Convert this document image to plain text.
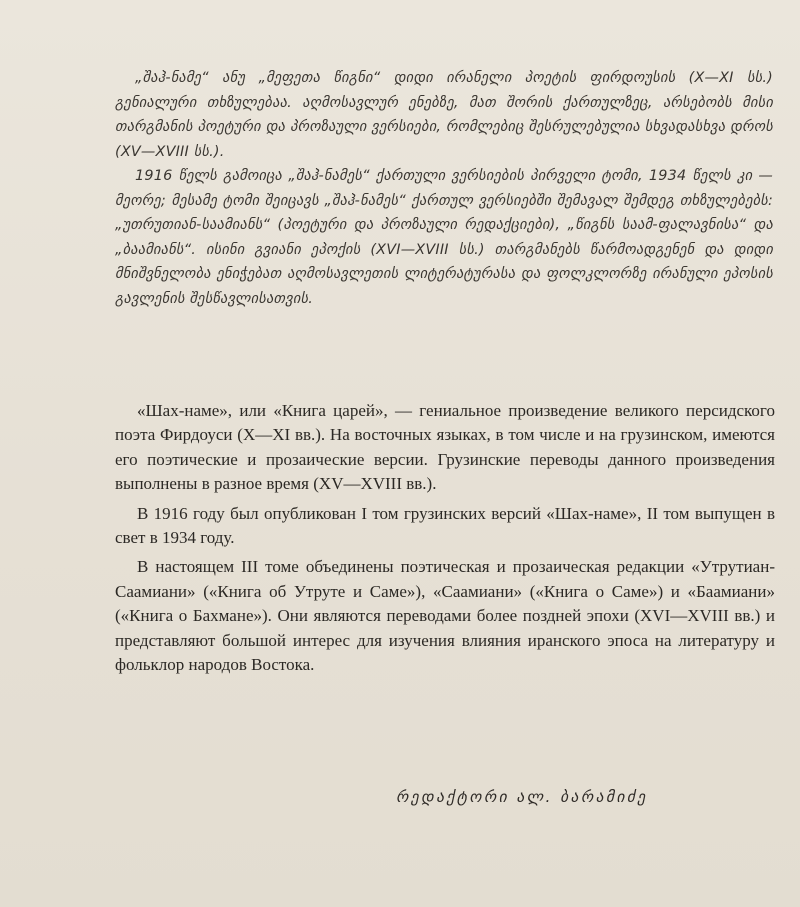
„შაჰ-ნამე“ ანუ „მეფეთა წიგნი“ დიდი ირანელი პოეტის ფირდოუსის (X—XI სს.) გენიალური თხზულებაა. აღმოსავლურ ენებზე, მათ შორის ქართულზეც, არსებობს მისი თარგმანის პოეტური და პროზაული ვერსიები, რომლებიც შესრულებულია სხვადასხვა დროს (XV—XVIII სს.).

1916 წელს გამოიცა „შაჰ-ნამეს“ ქართული ვერსიების პირველი ტომი, 1934 წელს კი — მეორე; მესამე ტომი შეიცავს „შაჰ-ნამეს“ ქართულ ვერსიებში შემავალ შემდეგ თხზულებებს: „უთრუთიან-საამიანს“ (პოეტური და პროზაული რედაქციები), „წიგნს საამ-ფალავნისა“ და „ბაამიანს“. ისინი გვიანი ეპოქის (XVI—XVIII სს.) თარგმანებს წარმოადგენენ და დიდი მნიშვნელობა ენიჭებათ აღმოსავლეთის ლიტერატურასა და ფოლკლორზე ირანული ეპოსის გავლენის შესწავლისათვის.

«Шах-наме», или «Книга царей», — гениальное произведение великого персидского поэта Фирдоуси (X—XI вв.). На восточных языках, в том числе и на грузинском, имеются его поэтические и прозаические версии. Грузинские переводы данного произведения выполнены в разное время (XV—XVIII вв.).

В 1916 году был опубликован I том грузинских версий «Шах-наме», II том выпущен в свет в 1934 году.

В настоящем III томе объединены поэтическая и прозаическая редакции «Утрутиан-Саамиани» («Книга об Утруте и Саме»), «Саамиани» («Книга о Саме») и «Баамиани» («Книга о Бахмане»). Они являются переводами более поздней эпохи (XVI—XVIII вв.) и представляют большой интерес для изучения влияния иранского эпоса на литературу и фольклор народов Востока.

რედაქტორი ალ. ბარამიძე
